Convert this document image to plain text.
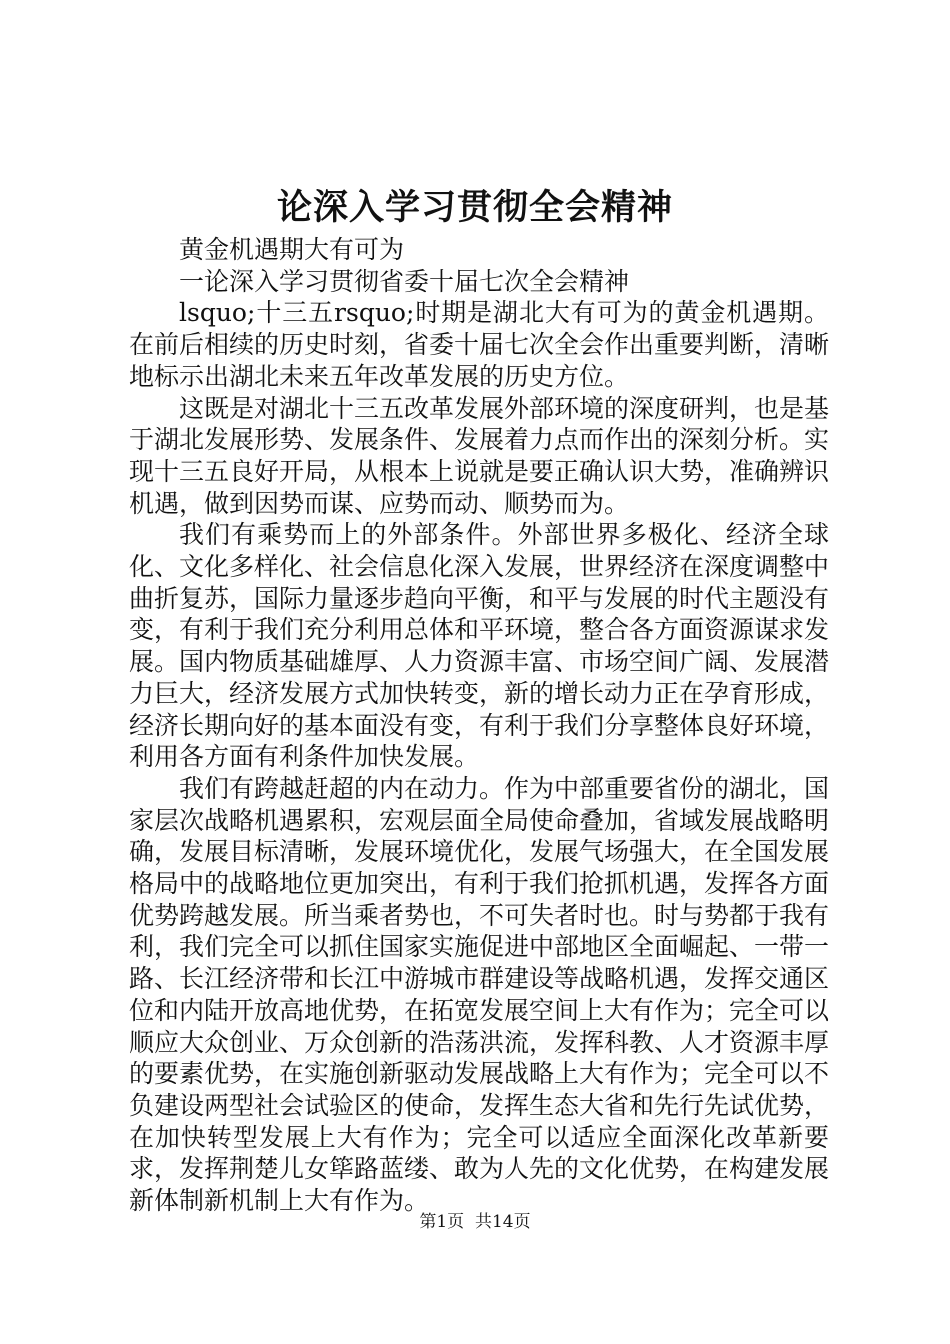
论深入学习贯彻全会精神

黄金机遇期大有可为

一论深入学习贯彻省委十届七次全会精神

lsquo;十三五rsquo;时期是湖北大有可为的黄金机遇期。在前后相续的历史时刻，省委十届七次全会作出重要判断，清晰地标示出湖北未来五年改革发展的历史方位。

这既是对湖北十三五改革发展外部环境的深度研判，也是基于湖北发展形势、发展条件、发展着力点而作出的深刻分析。实现十三五良好开局，从根本上说就是要正确认识大势，准确辨识机遇，做到因势而谋、应势而动、顺势而为。

我们有乘势而上的外部条件。外部世界多极化、经济全球化、文化多样化、社会信息化深入发展，世界经济在深度调整中曲折复苏，国际力量逐步趋向平衡，和平与发展的时代主题没有变，有利于我们充分利用总体和平环境，整合各方面资源谋求发展。国内物质基础雄厚、人力资源丰富、市场空间广阔、发展潜力巨大，经济发展方式加快转变，新的增长动力正在孕育形成，经济长期向好的基本面没有变，有利于我们分享整体良好环境，利用各方面有利条件加快发展。

我们有跨越赶超的内在动力。作为中部重要省份的湖北，国家层次战略机遇累积，宏观层面全局使命叠加，省域发展战略明确，发展目标清晰，发展环境优化，发展气场强大，在全国发展格局中的战略地位更加突出，有利于我们抢抓机遇，发挥各方面优势跨越发展。所当乘者势也，不可失者时也。时与势都于我有利，我们完全可以抓住国家实施促进中部地区全面崛起、一带一路、长江经济带和长江中游城市群建设等战略机遇，发挥交通区位和内陆开放高地优势，在拓宽发展空间上大有作为；完全可以顺应大众创业、万众创新的浩荡洪流，发挥科教、人才资源丰厚的要素优势，在实施创新驱动发展战略上大有作为；完全可以不负建设两型社会试验区的使命，发挥生态大省和先行先试优势，在加快转型发展上大有作为；完全可以适应全面深化改革新要求，发挥荆楚儿女筚路蓝缕、敢为人先的文化优势，在构建发展新体制新机制上大有作为。

第1页  共14页
